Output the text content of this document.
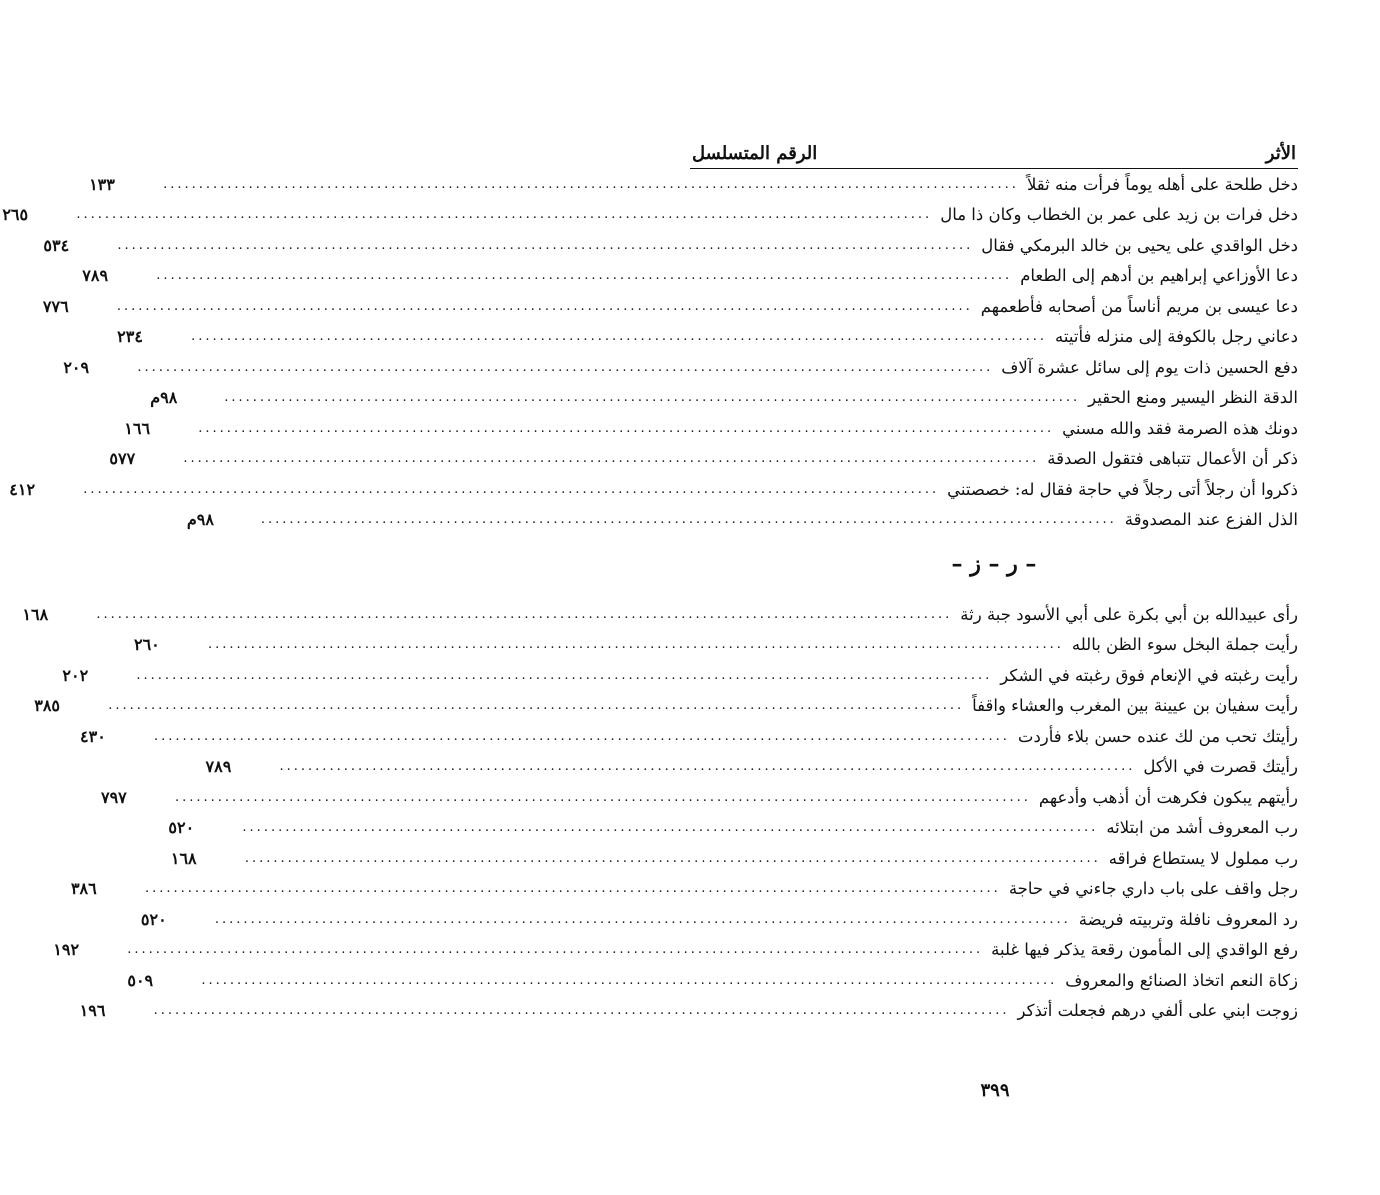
الأثر
الرقم المتسلسل
دخل طلحة على أهله يوماً فرأت منه ثقلاً
........................................................................................................................
١٣٣
دخل فرات بن زيد على عمر بن الخطاب وكان ذا مال
........................................................................................................................
٢٦٥
دخل الواقدي على يحيى بن خالد البرمكي فقال
........................................................................................................................
٥٣٤
دعا الأوزاعي إبراهيم بن أدهم إلى الطعام
........................................................................................................................
٧٨٩
دعا عيسى بن مريم أناساً من أصحابه فأطعمهم
........................................................................................................................
٧٧٦
دعاني رجل بالكوفة إلى منزله فأتيته
........................................................................................................................
٢٣٤
دفع الحسين ذات يوم إلى سائل عشرة آلاف
........................................................................................................................
٢٠٩
الدقة النظر اليسير ومنع الحقير
........................................................................................................................
٩٨م
دونك هذه الصرمة فقد والله مسني
........................................................................................................................
١٦٦
ذكر أن الأعمال تتباهى فتقول الصدقة
........................................................................................................................
٥٧٧
ذكروا أن رجلاً أتى رجلاً في حاجة فقال له: خصصتني
........................................................................................................................
٤١٢
الذل الفزع عند المصدوقة
........................................................................................................................
٩٨م
– ر – ز –
رأى عبيدالله بن أبي بكرة على أبي الأسود جبة رثة
........................................................................................................................
١٦٨
رأيت جملة البخل سوء الظن بالله
........................................................................................................................
٢٦٠
رأيت رغبته في الإنعام فوق رغبته في الشكر
........................................................................................................................
٢٠٢
رأيت سفيان بن عيينة بين المغرب والعشاء واقفاً
........................................................................................................................
٣٨٥
رأيتك تحب من لك عنده حسن بلاء فأردت
........................................................................................................................
٤٣٠
رأيتك قصرت في الأكل
........................................................................................................................
٧٨٩
رأيتهم يبكون فكرهت أن أذهب وأدعهم
........................................................................................................................
٧٩٧
رب المعروف أشد من ابتلائه
........................................................................................................................
٥٢٠
رب مملول لا يستطاع فراقه
........................................................................................................................
١٦٨
رجل واقف على باب داري جاءني في حاجة
........................................................................................................................
٣٨٦
رد المعروف نافلة وتربيته فريضة
........................................................................................................................
٥٢٠
رفع الواقدي إلى المأمون رقعة يذكر فيها غلبة
........................................................................................................................
١٩٢
زكاة النعم اتخاذ الصنائع والمعروف
........................................................................................................................
٥٠٩
زوجت ابني على ألفي درهم فجعلت أتذكر
........................................................................................................................
١٩٦
٣٩٩
